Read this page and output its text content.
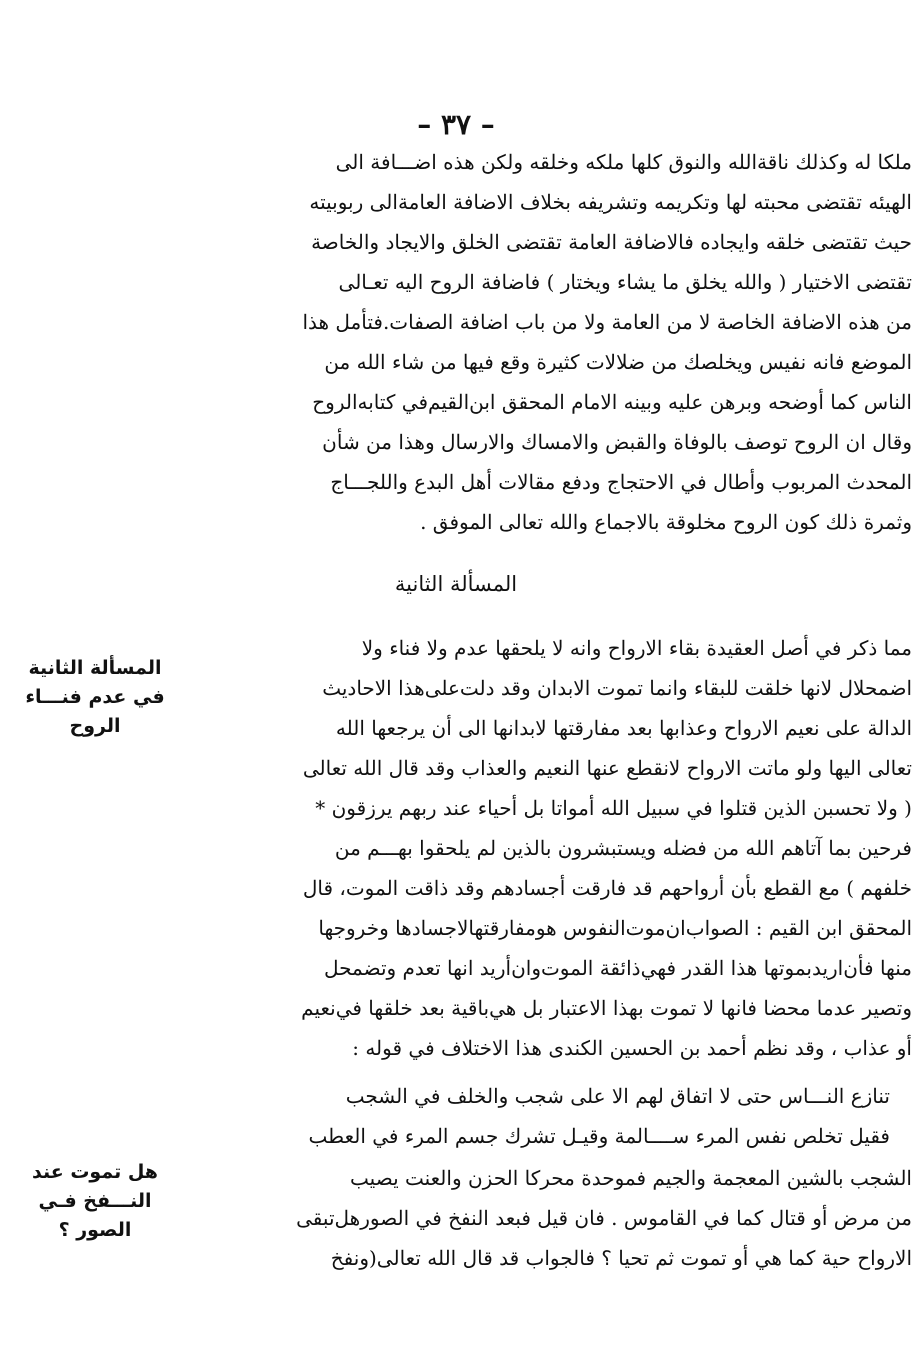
– ٣٧ –
ملكا له وكذلك ناقةالله والنوق كلها ملكه وخلقه ولكن هذه اضـــافة الى
الهيئه تقتضى محبته لها وتكريمه وتشريفه بخلاف الاضافة العامةالى ربوبيته
حيث تقتضى خلقه وايجاده فالاضافة العامة تقتضى الخلق والايجاد والخاصة
تقتضى الاختيار ( والله يخلق ما يشاء ويختار ) فاضافة الروح اليه تعـالى
من هذه الاضافة الخاصة لا من العامة ولا من باب اضافة الصفات.فتأمل هذا
الموضع فانه نفيس ويخلصك من ضلالات كثيرة وقع فيها من شاء الله من
الناس كما أوضحه وبرهن عليه وبينه الامام المحقق ابن‌القيم‌في كتابه‌الروح
وقال ان الروح توصف بالوفاة والقبض والامساك والارسال وهذا من شأن
المحدث المربوب وأطال في الاحتجاج ودفع مقالات أهل البدع واللجـــاج
وثمرة ذلك كون الروح مخلوقة بالاجماع والله تعالى الموفق .
المسألة الثانية
المسألة الثانية
في عدم فنـــاء
الروح
مما ذكر في أصل العقيدة بقاء الارواح وانه لا يلحقها عدم ولا فناء ولا
اضمحلال لانها خلقت للبقاء وانما تموت الابدان وقد دلت‌على‌هذا الاحاديث
الدالة على نعيم الارواح وعذابها بعد مفارقتها لابدانها الى أن يرجعها الله
تعالى اليها ولو ماتت الارواح لانقطع عنها النعيم والعذاب وقد قال الله تعالى
( ولا تحسبن الذين قتلوا في سبيل الله أمواتا بل أحياء عند ربهم يرزقون *
فرحين بما آتاهم الله من فضله ويستبشرون بالذين لم يلحقوا بهـــم من
خلفهم ) مع القطع بأن أرواحهم قد فارقت أجسادهم وقد ذاقت الموت، قال
المحقق ابن القيم : الصواب‌ان‌موت‌النفوس هومفارقتها‌لاجسادها وخروجها
منها فأن‌اريدبموتها هذا القدر فهي‌ذائقة الموت‌وان‌أريد انها تعدم وتضمحل
وتصير عدما محضا فانها لا تموت بهذا الاعتبار بل هي‌باقية بعد خلقها في‌نعيم
أو عذاب ، وقد نظم أحمد بن الحسين الكندى هذا الاختلاف في قوله :
تنازع النـــاس حتى لا اتفاق لهم الا على شجب والخلف في الشجب
فقيل تخلص نفس المرء ســــالمة وقيـل تشرك جسم المرء في العطب
هل تموت عند
النـــفخ فـي
الصور ؟
الشجب بالشين المعجمة والجيم فموحدة محركا الحزن والعنت يصيب
من مرض أو قتال كما في القاموس . فان قيل فبعد النفخ في الصورهل‌تبقى
الارواح حية كما هي أو تموت ثم تحيا ؟ فالجواب قد قال الله تعالى(ونفخ
